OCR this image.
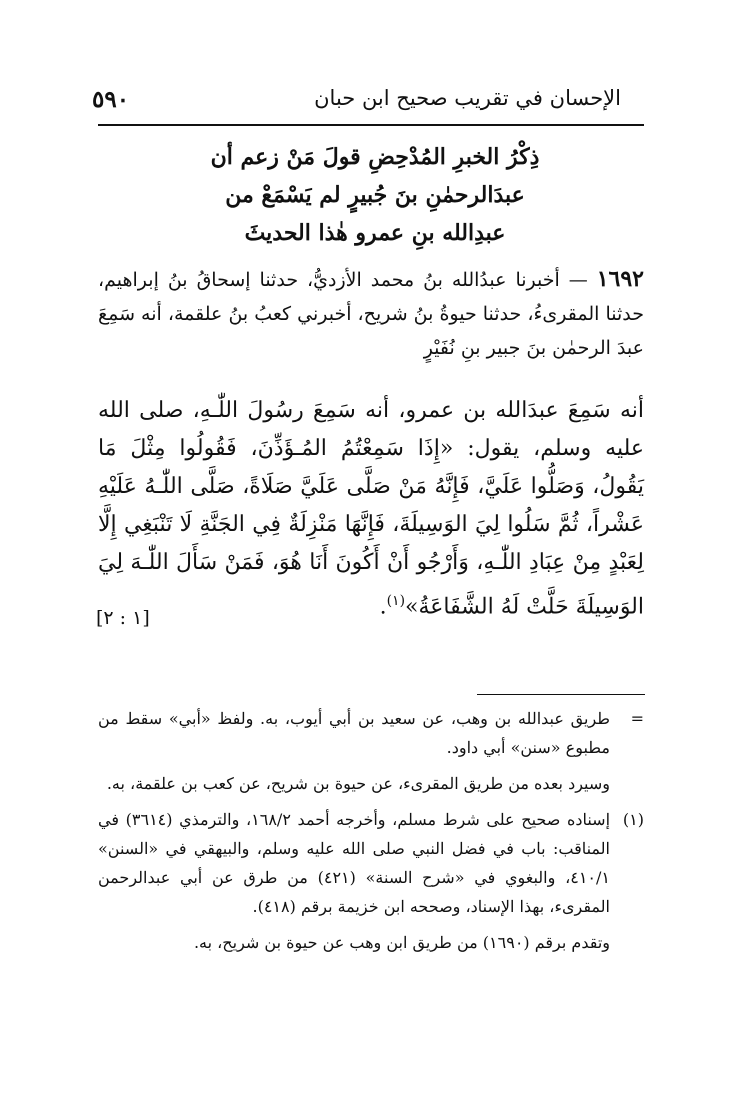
الإحسان في تقريب صحيح ابن حبان
٥٩٠
ذِكْرُ الخبرِ المُدْحِضِ قولَ مَنْ زعم أن
عبدَالرحمٰنِ بنَ جُبيرٍ لم يَسْمَعْ من
عبدِالله بنِ عمرو هٰذا الحديثَ
١٦٩٢ — أخبرنا عبدُالله بنُ محمد الأزديُّ، حدثنا إسحاقُ بنُ إبراهيم، حدثنا المقرىءُ، حدثنا حيوةُ بنُ شريح، أخبرني كعبُ بنُ علقمة، أنه سَمِعَ عبدَ الرحمٰن بنَ جبير بنِ نُفَيْرٍ
أنه سَمِعَ عبدَالله بن عمرو، أنه سَمِعَ رسُولَ اللّٰـهِ، صلى الله عليه وسلم، يقول: «إِذَا سَمِعْتُمُ المُـؤَذِّنَ، فَقُولُوا مِثْلَ مَا يَقُولُ، وَصَلُّوا عَلَيَّ، فَإِنَّهُ مَنْ صَلَّى عَلَيَّ صَلَاةً، صَلَّى اللّٰـهُ عَلَيْهِ عَشْراً، ثُمَّ سَلُوا لِيَ الوَسِيلَةَ، فَإِنَّهَا مَنْزِلَةٌ فِي الجَنَّةِ لَا تَنْبَغِي إِلَّا لِعَبْدٍ مِنْ عِبَادِ اللّٰـهِ، وَأَرْجُو أَنْ أَكُونَ أَنَا هُوَ، فَمَنْ سَأَلَ اللّٰـهَ لِيَ الوَسِيلَةَ حَلَّتْ لَهُ الشَّفَاعَةُ»$^{(١)}$.
[١ : ٢]
=
طريق عبدالله بن وهب، عن سعيد بن أبي أيوب، به. ولفظ «أبي» سقط من مطبوع «سنن» أبي داود.
وسيرد بعده من طريق المقرىء، عن حيوة بن شريح، عن كعب بن علقمة، به.
(١)
إسناده صحيح على شرط مسلم، وأخرجه أحمد ١٦٨/٢، والترمذي (٣٦١٤) في المناقب: باب في فضل النبي صلى الله عليه وسلم، والبيهقي في «السنن» ٤١٠/١، والبغوي في «شرح السنة» (٤٢١) من طرق عن أبي عبدالرحمن المقرىء، بهذا الإسناد، وصححه ابن خزيمة برقم (٤١٨).
وتقدم برقم (١٦٩٠) من طريق ابن وهب عن حيوة بن شريح، به.
